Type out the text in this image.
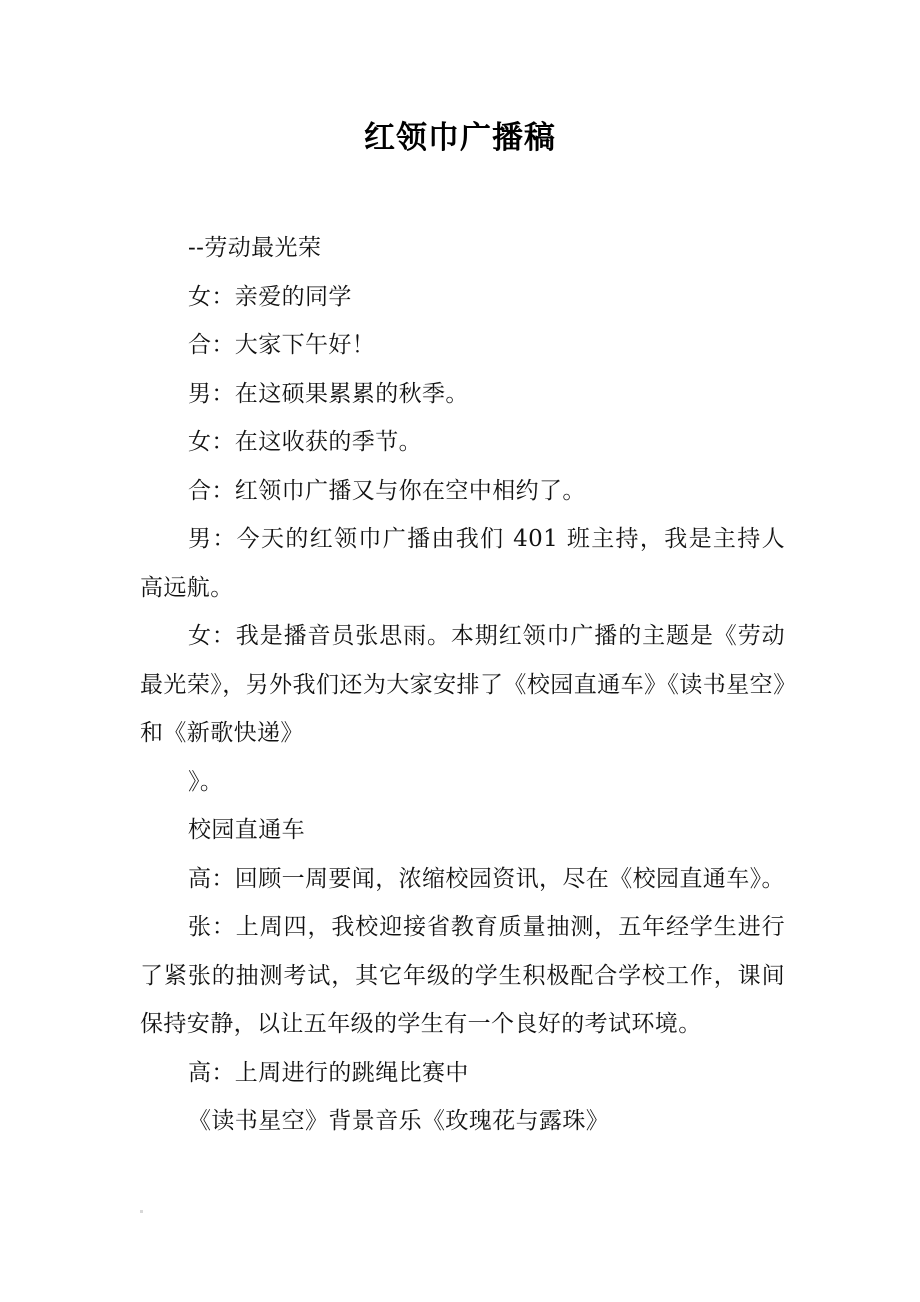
红领巾广播稿

--劳动最光荣

女：亲爱的同学

合：大家下午好！

男：在这硕果累累的秋季。

女：在这收获的季节。

合：红领巾广播又与你在空中相约了。

男：今天的红领巾广播由我们 401 班主持，我是主持人高远航。

女：我是播音员张思雨。本期红领巾广播的主题是《劳动最光荣》，另外我们还为大家安排了《校园直通车》《读书星空》和《新歌快递》

》。

校园直通车

高：回顾一周要闻，浓缩校园资讯，尽在《校园直通车》。

张：上周四，我校迎接省教育质量抽测，五年经学生进行了紧张的抽测考试，其它年级的学生积极配合学校工作，课间保持安静，以让五年级的学生有一个良好的考试环境。

高：上周进行的跳绳比赛中

《读书星空》背景音乐《玫瑰花与露珠》
